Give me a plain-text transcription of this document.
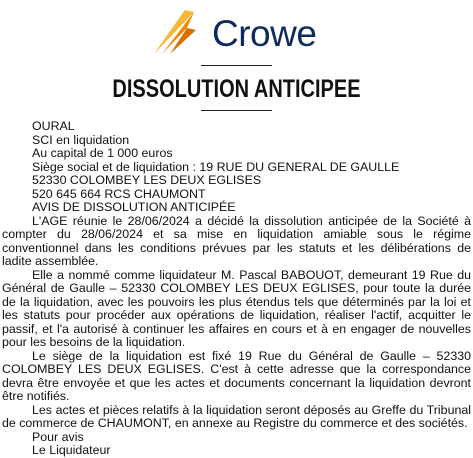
Crowe
DISSOLUTION ANTICIPEE
OURAL
SCI en liquidation
Au capital de 1 000 euros
Siège social et de liquidation : 19 RUE DU GENERAL DE GAULLE
52330 COLOMBEY LES DEUX EGLISES
520 645 664 RCS CHAUMONT
AVIS DE DISSOLUTION ANTICIPÉE

L'AGE réunie le 28/06/2024 a décidé la dissolution anticipée de la Société à compter du 28/06/2024 et sa mise en liquidation amiable sous le régime conventionnel dans les conditions prévues par les statuts et les délibérations de ladite assemblée.

Elle a nommé comme liquidateur M. Pascal BABOUOT, demeurant 19 Rue du Général de Gaulle – 52330 COLOMBEY LES DEUX EGLISES, pour toute la durée de la liquidation, avec les pouvoirs les plus étendus tels que déterminés par la loi et les statuts pour procéder aux opérations de liquidation, réaliser l'actif, acquitter le passif, et l'a autorisé à continuer les affaires en cours et à en engager de nouvelles pour les besoins de la liquidation.

Le siège de la liquidation est fixé 19 Rue du Général de Gaulle – 52330 COLOMBEY LES DEUX EGLISES. C'est à cette adresse que la correspondance devra être envoyée et que les actes et documents concernant la liquidation devront être notifiés.

Les actes et pièces relatifs à la liquidation seront déposés au Greffe du Tribunal de commerce de CHAUMONT, en annexe au Registre du commerce et des sociétés.

Pour avis
Le Liquidateur
